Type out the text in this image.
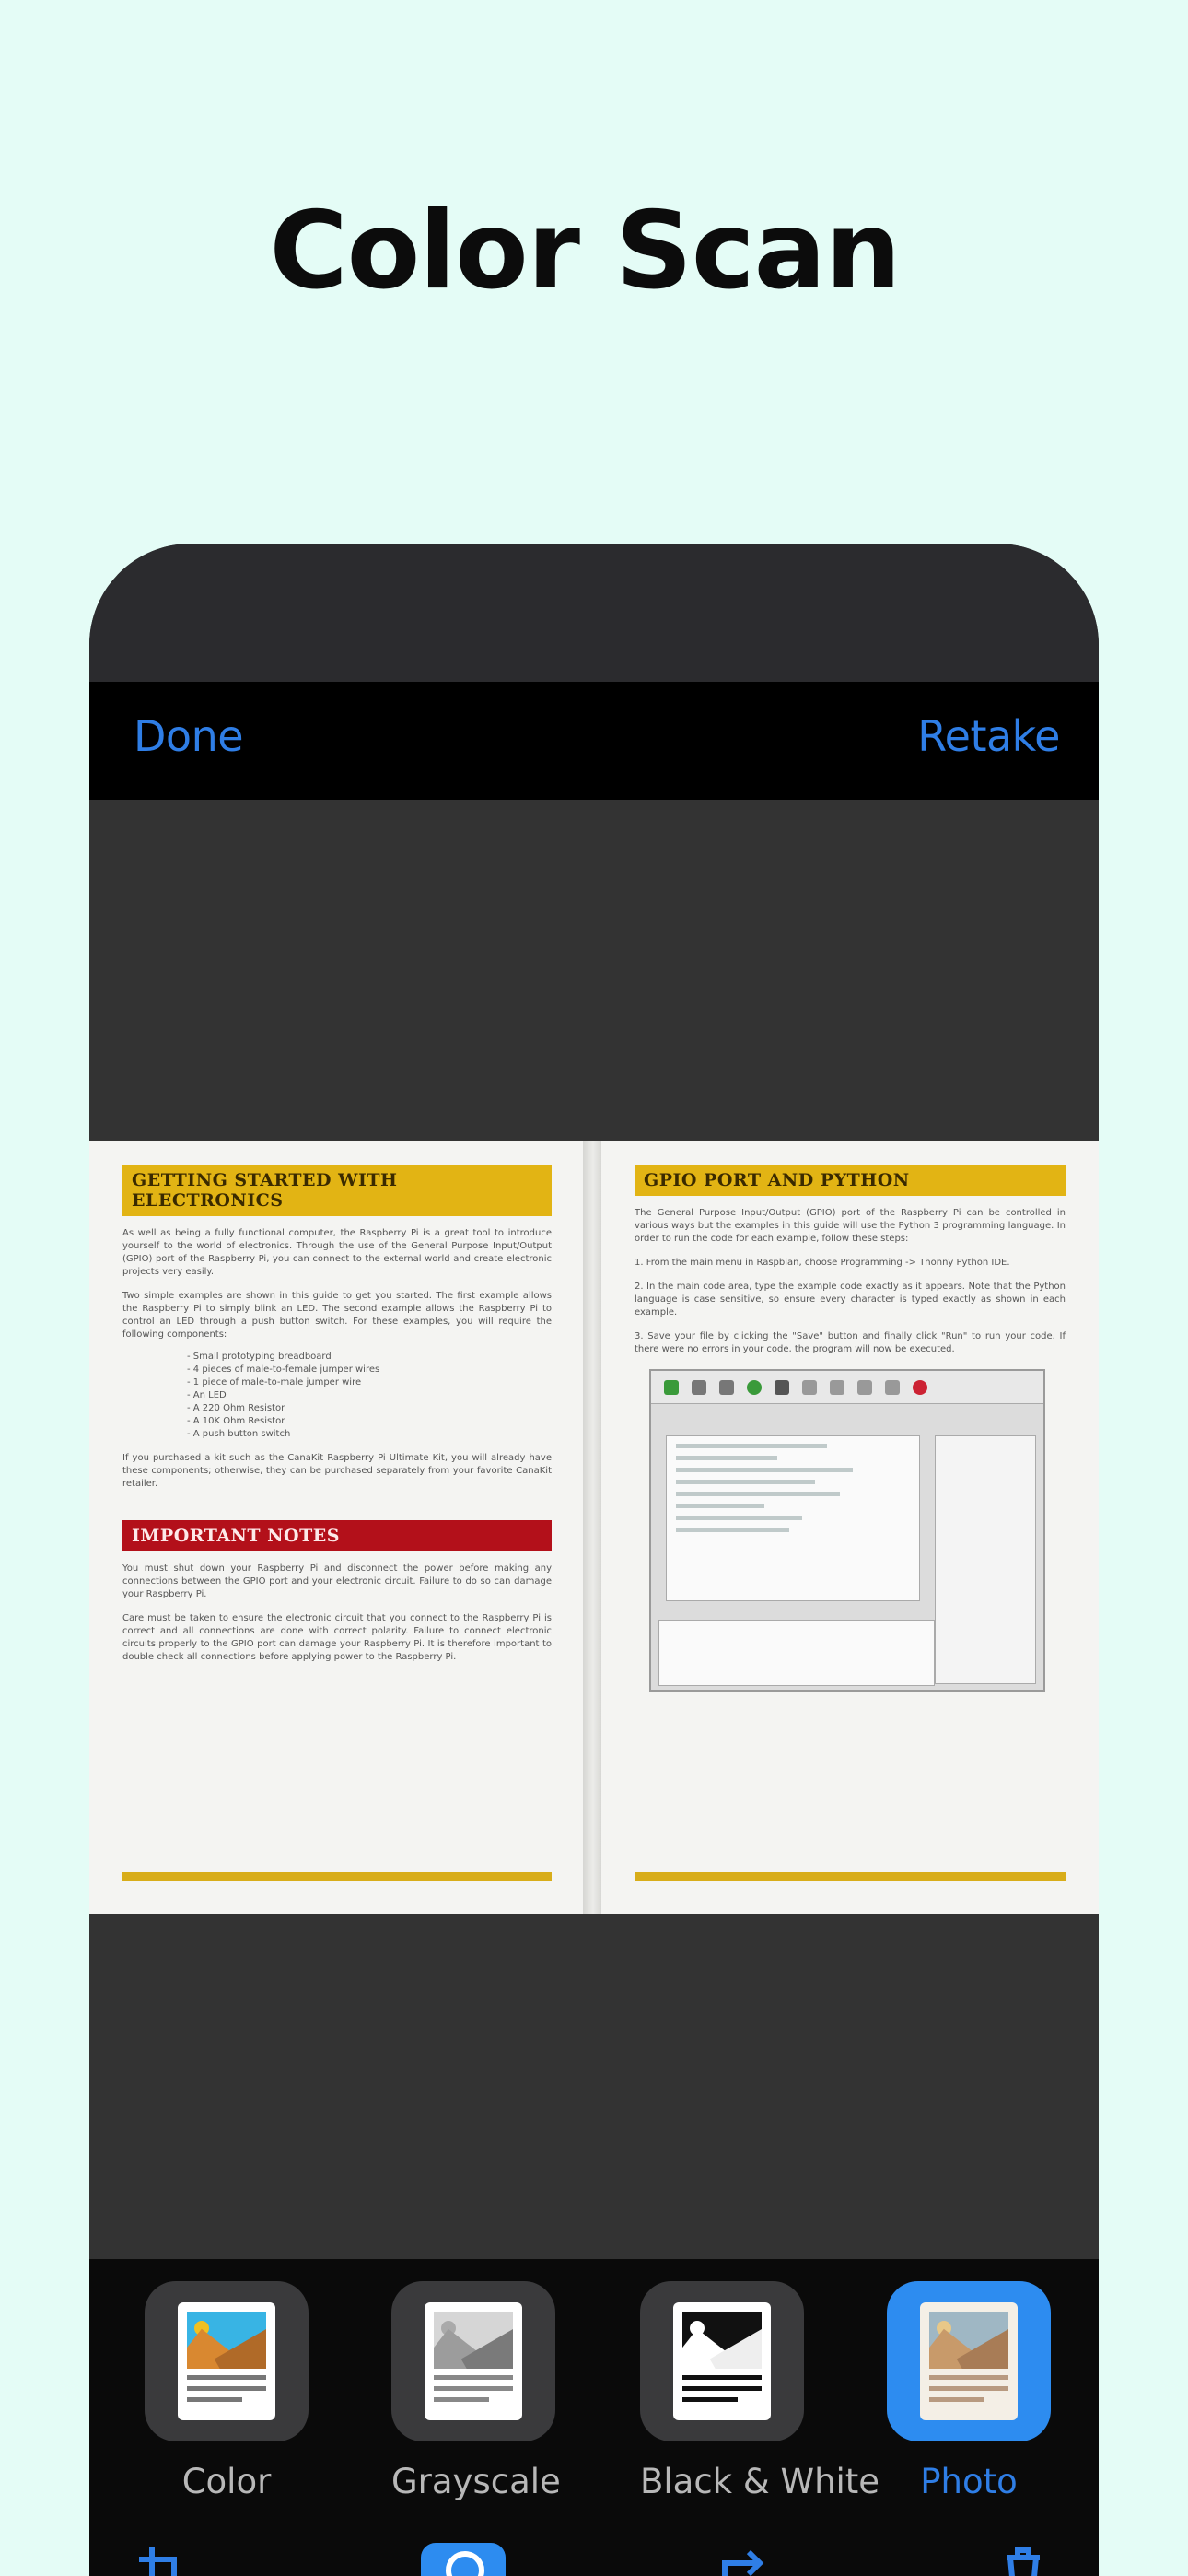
Color Scan
Done	Retake
GETTING STARTED WITH ELECTRONICS

As well as being a fully functional computer, the Raspberry Pi is a great tool to introduce yourself to the world of electronics. Through the use of the General Purpose Input/Output (GPIO) port of the Raspberry Pi, you can connect to the external world and create electronic projects very easily.

Two simple examples are shown in this guide to get you started. The first example allows the Raspberry Pi to simply blink an LED. The second example allows the Raspberry Pi to control an LED through a push button switch. For these examples, you will require the following components:

- Small prototyping breadboard
- 4 pieces of male-to-female jumper wires
- 1 piece of male-to-male jumper wire
- An LED
- A 220 Ohm Resistor
- A 10K Ohm Resistor
- A push button switch

If you purchased a kit such as the CanaKit Raspberry Pi Ultimate Kit, you will already have these components; otherwise, they can be purchased separately from your favorite CanaKit retailer.

IMPORTANT NOTES

You must shut down your Raspberry Pi and disconnect the power before making any connections between the GPIO port and your electronic circuit. Failure to do so can damage your Raspberry Pi.

Care must be taken to ensure the electronic circuit that you connect to the Raspberry Pi is correct and all connections are done with correct polarity. Failure to connect electronic circuits properly to the GPIO port can damage your Raspberry Pi. It is therefore important to double check all connections before applying power to the Raspberry Pi.

GPIO PORT AND PYTHON

The General Purpose Input/Output (GPIO) port of the Raspberry Pi can be controlled in various ways but the examples in this guide will use the Python 3 programming language. In order to run the code for each example, follow these steps:

1. From the main menu in Raspbian, choose Programming -> Thonny Python IDE.

2. In the main code area, type the example code exactly as it appears. Note that the Python language is case sensitive, so ensure every character is typed exactly as shown in each example.

3. Save your file by clicking the "Save" button and finally click "Run" to run your code. If there were no errors in your code, the program will now be executed.

Color	Grayscale Black & White	Photo
